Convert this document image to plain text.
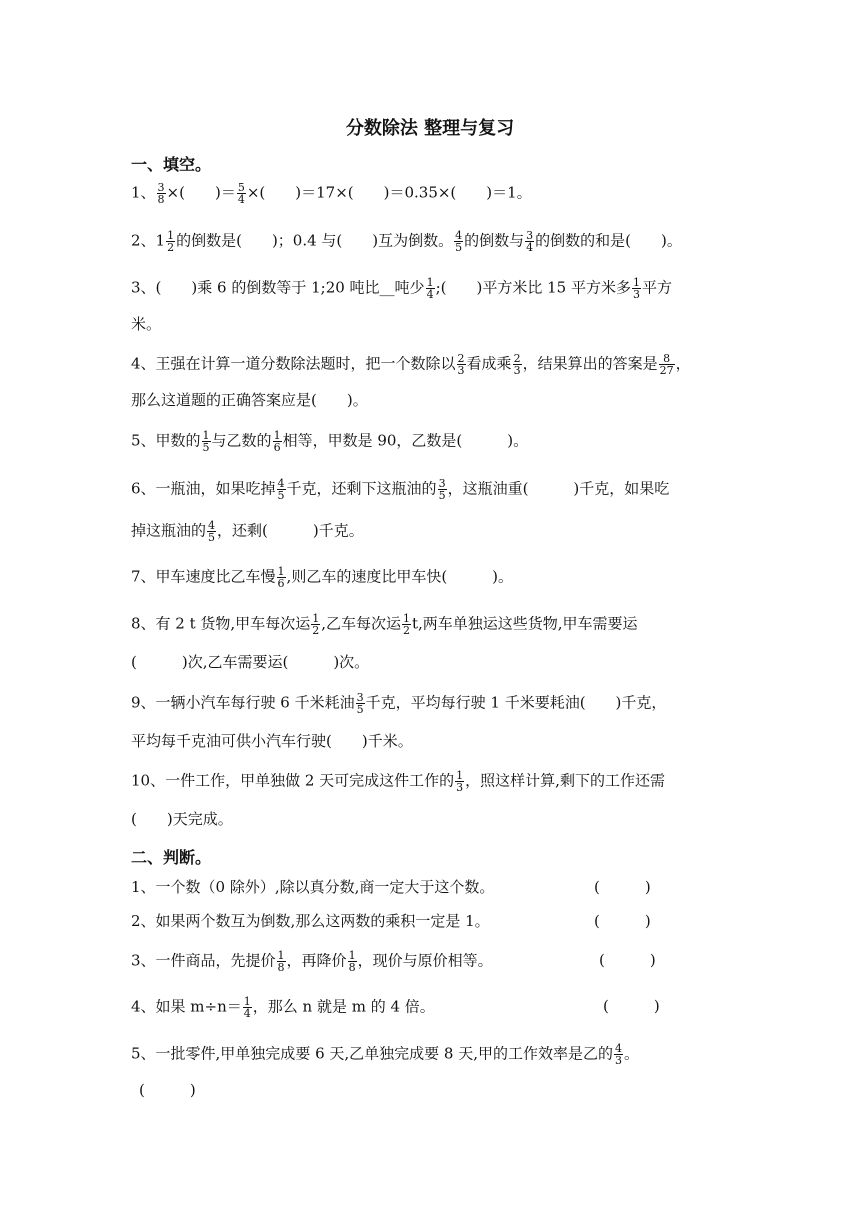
分数除法 整理与复习
一、填空。
1、 $\frac{3}{8}$ ×(　　)＝ $\frac{5}{4}$ ×(　　)＝17×(　　)＝0.35×(　　)＝1。
2、$1 \frac{1}{2}$ 的倒数是(　　)；0.4 与(　　)互为倒数。 $\frac{4}{5}$ 的倒数与 $\frac{3}{4}$ 的倒数的和是(　　)。
3、(　　)乘 6 的倒数等于 1;20 吨比__吨少 $\frac{1}{4}$ ;(　　)平方米比 15 平方米多 $\frac{1}{3}$ 平方
米。
4、王强在计算一道分数除法题时，把一个数除以 $\frac{2}{3}$ 看成乘 $\frac{2}{3}$ ，结果算出的答案是 $\frac{8}{27}$ ，
那么这道题的正确答案应是(　　)。
5、甲数的 $\frac{1}{5}$ 与乙数的 $\frac{1}{6}$ 相等，甲数是 90，乙数是(　　　)。
6、一瓶油，如果吃掉 $\frac{4}{5}$ 千克，还剩下这瓶油的 $\frac{3}{5}$ ，这瓶油重(　　　)千克，如果吃
掉这瓶油的 $\frac{4}{5}$ ，还剩(　　　)千克。
7、甲车速度比乙车慢 $\frac{1}{6}$ ,则乙车的速度比甲车快(　　　)。
8、有 2 t 货物,甲车每次运 $\frac{1}{2}$ ,乙车每次运 $\frac{1}{2} t$,两车单独运这些货物,甲车需要运
(　　　)次,乙车需要运(　　　)次。
9、一辆小汽车每行驶 6 千米耗油 $\frac{3}{5}$ 千克，平均每行驶 1 千米要耗油(　　)千克，
平均每千克油可供小汽车行驶(　　)千米。
10、一件工作，甲单独做 2 天可完成这件工作的 $\frac{1}{3}$ ，照这样计算,剩下的工作还需
(　　)天完成。
二、判断。
1、一个数（0 除外）,除以真分数,商一定大于这个数。	(　　　)
2、如果两个数互为倒数,那么这两数的乘积一定是 1。	(　　　)
3、一件商品，先提价 $\frac{1}{8}$ ，再降价 $\frac{1}{8}$ ，现价与原价相等。	(　　　)
4、如果 $m\div n= \frac{1}{4}$ ，那么 n 就是 m 的 4 倍。	(　　　)
5、一批零件,甲单独完成要 6 天,乙单独完成要 8 天,甲的工作效率是乙的 $\frac{4}{3}$ 。
(　　　)
